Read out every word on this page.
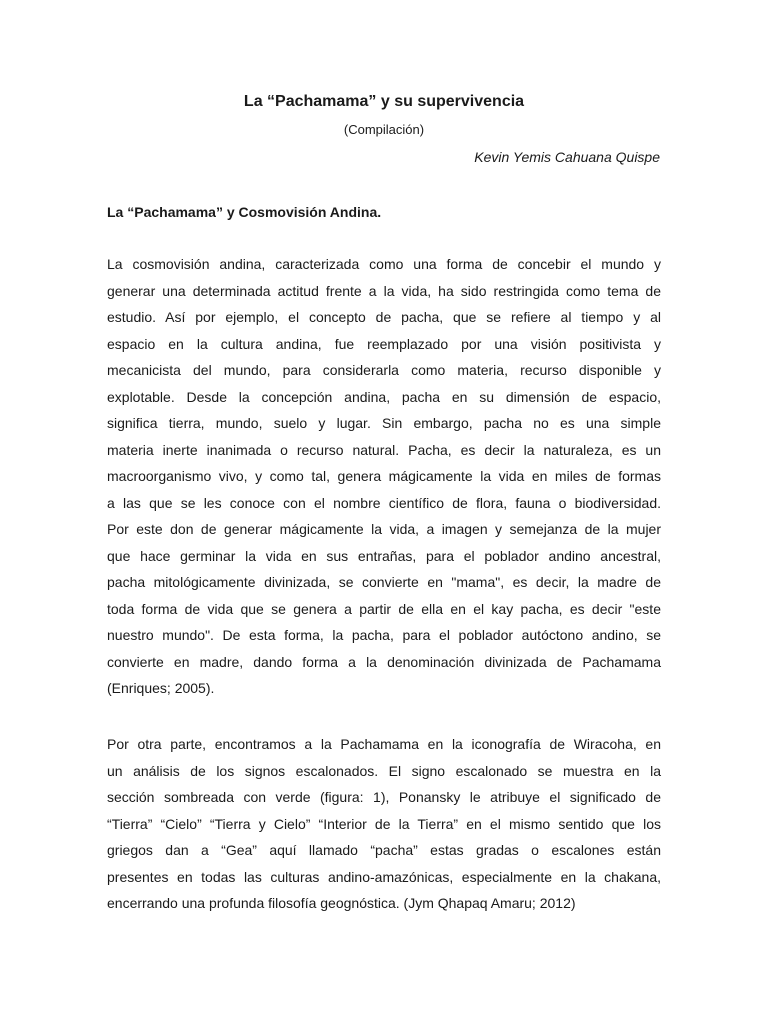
La “Pachamama” y su supervivencia
(Compilación)
Kevin Yemis Cahuana Quispe
La “Pachamama” y Cosmovisión Andina.

La cosmovisión andina, caracterizada como una forma de concebir el mundo y
generar una determinada actitud frente a la vida, ha sido restringida como tema de
estudio. Así por ejemplo, el concepto de pacha, que se refiere al tiempo y al
espacio en la cultura andina, fue reemplazado por una visión positivista y
mecanicista del mundo, para considerarla como materia, recurso disponible y
explotable. Desde la concepción andina, pacha en su dimensión de espacio,
significa tierra, mundo, suelo y lugar. Sin embargo, pacha no es una simple
materia inerte inanimada o recurso natural. Pacha, es decir la naturaleza, es un
macroorganismo vivo, y como tal, genera mágicamente la vida en miles de formas
a las que se les conoce con el nombre científico de flora, fauna o biodiversidad.
Por este don de generar mágicamente la vida, a imagen y semejanza de la mujer
que hace germinar la vida en sus entrañas, para el poblador andino ancestral,
pacha mitológicamente divinizada, se convierte en "mama", es decir, la madre de
toda forma de vida que se genera a partir de ella en el kay pacha, es decir "este
nuestro mundo". De esta forma, la pacha, para el poblador autóctono andino, se
convierte en madre, dando forma a la denominación divinizada de Pachamama
(Enriques; 2005).

Por otra parte, encontramos a la Pachamama en la iconografía de Wiracoha, en
un análisis de los signos escalonados. El signo escalonado se muestra en la
sección sombreada con verde (figura: 1), Ponansky le atribuye el significado de
“Tierra” “Cielo” “Tierra y Cielo” “Interior de la Tierra” en el mismo sentido que los
griegos dan a “Gea” aquí llamado “pacha” estas gradas o escalones están
presentes en todas las culturas andino-amazónicas, especialmente en la chakana,
encerrando una profunda filosofía geognóstica. (Jym Qhapaq Amaru; 2012)
